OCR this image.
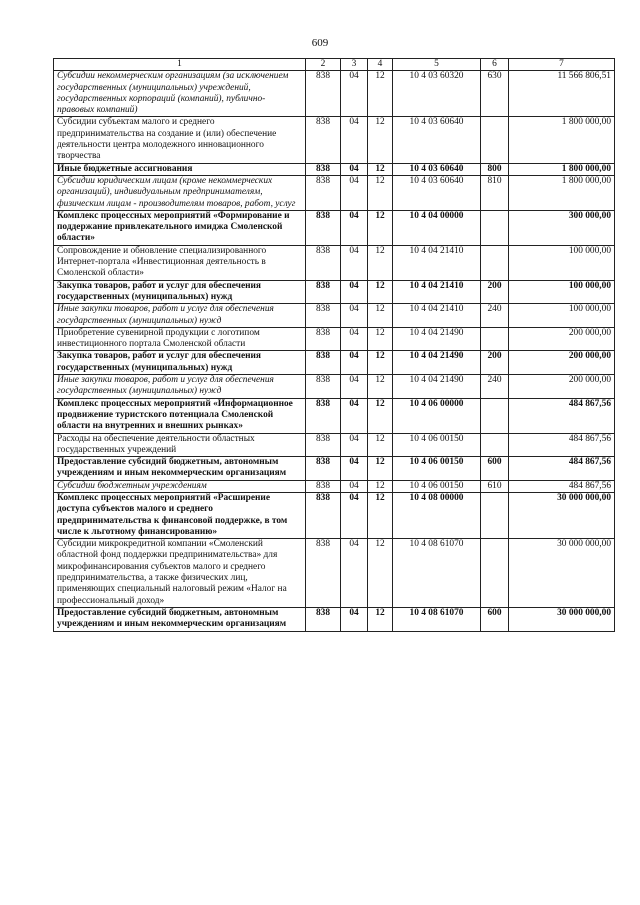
609
1	2	3	4	5	6	7
Субсидии некоммерческим организациям (за исключением государственных (муниципальных) учреждений, государственных корпораций (компаний), публично-правовых компаний)	838	04	12	10 4 03 60320	630	11 566 806,51
Субсидии субъектам малого и среднего предпринимательства на создание и (или) обеспечение деятельности центра молодежного инновационного творчества	838	04	12	10 4 03 60640		1 800 000,00
Иные бюджетные ассигнования	838	04	12	10 4 03 60640	800	1 800 000,00
Субсидии юридическим лицам (кроме некоммерческих организаций), индивидуальным предпринимателям, физическим лицам - производителям товаров, работ, услуг	838	04	12	10 4 03 60640	810	1 800 000,00
Комплекс процессных мероприятий «Формирование и поддержание привлекательного имиджа Смоленской области»	838	04	12	10 4 04 00000		300 000,00
Сопровождение и обновление специализированного Интернет-портала «Инвестиционная деятельность в Смоленской области»	838	04	12	10 4 04 21410		100 000,00
Закупка товаров, работ и услуг для обеспечения государственных (муниципальных) нужд	838	04	12	10 4 04 21410	200	100 000,00
Иные закупки товаров, работ и услуг для обеспечения государственных (муниципальных) нужд	838	04	12	10 4 04 21410	240	100 000,00
Приобретение сувенирной продукции с логотипом инвестиционного портала Смоленской области	838	04	12	10 4 04 21490		200 000,00
Закупка товаров, работ и услуг для обеспечения государственных (муниципальных) нужд	838	04	12	10 4 04 21490	200	200 000,00
Иные закупки товаров, работ и услуг для обеспечения государственных (муниципальных) нужд	838	04	12	10 4 04 21490	240	200 000,00
Комплекс процессных мероприятий «Информационное продвижение туристского потенциала Смоленской области на внутренних и внешних рынках»	838	04	12	10 4 06 00000		484 867,56
Расходы на обеспечение деятельности областных государственных учреждений	838	04	12	10 4 06 00150		484 867,56
Предоставление субсидий бюджетным, автономным учреждениям и иным некоммерческим организациям	838	04	12	10 4 06 00150	600	484 867,56
Субсидии бюджетным учреждениям	838	04	12	10 4 06 00150	610	484 867,56
Комплекс процессных мероприятий «Расширение доступа субъектов малого и среднего предпринимательства к финансовой поддержке, в том числе к льготному финансированию»	838	04	12	10 4 08 00000		30 000 000,00
Субсидии микрокредитной компании «Смоленский областной фонд поддержки предпринимательства» для микрофинансирования субъектов малого и среднего предпринимательства, а также физических лиц, применяющих специальный налоговый режим «Налог на профессиональный доход»	838	04	12	10 4 08 61070		30 000 000,00
Предоставление субсидий бюджетным, автономным учреждениям и иным некоммерческим организациям	838	04	12	10 4 08 61070	600	30 000 000,00
